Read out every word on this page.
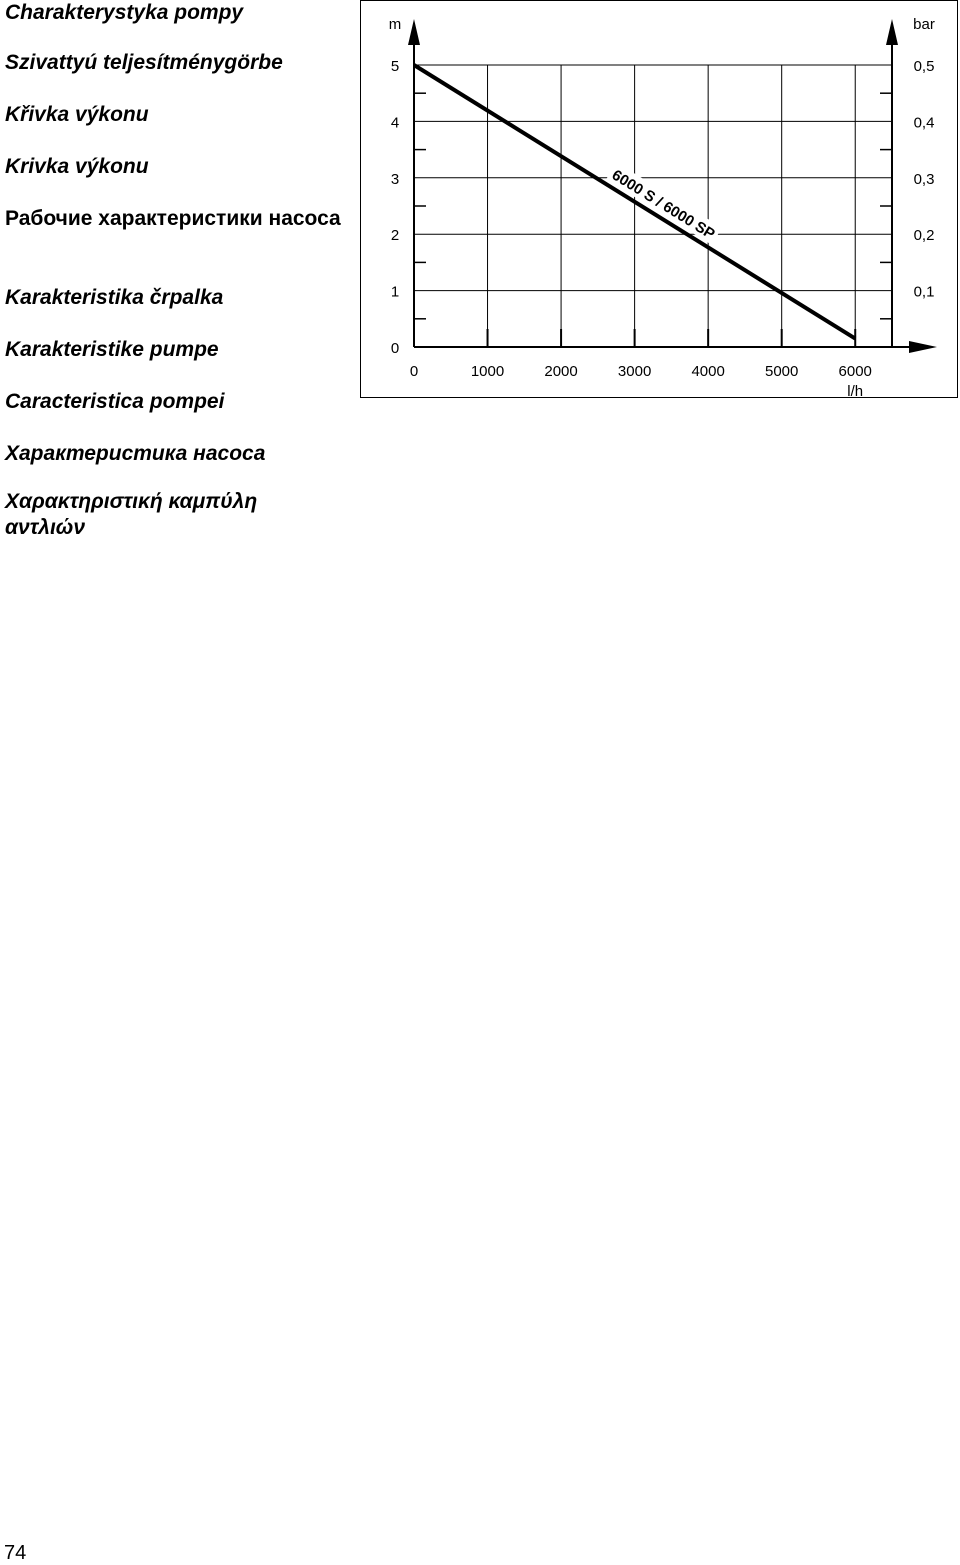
Charakterystyka pompy
Szivattyú teljesítménygörbe
Křivka výkonu
Krivka výkonu
Рабочие характеристики насоса
Karakteristika črpalka
Karakteristike pumpe
Caracteristica pompei
Характеристика насоса
Χαρακτηριστική καμπύλη αντλιών
0
1
2
3
4
5
0,1
0,2
0,3
0,4
0,5
0	1000	2000	3000	4000	5000	6000
m	bar
l/h
6000 S / 6000 SP
74
